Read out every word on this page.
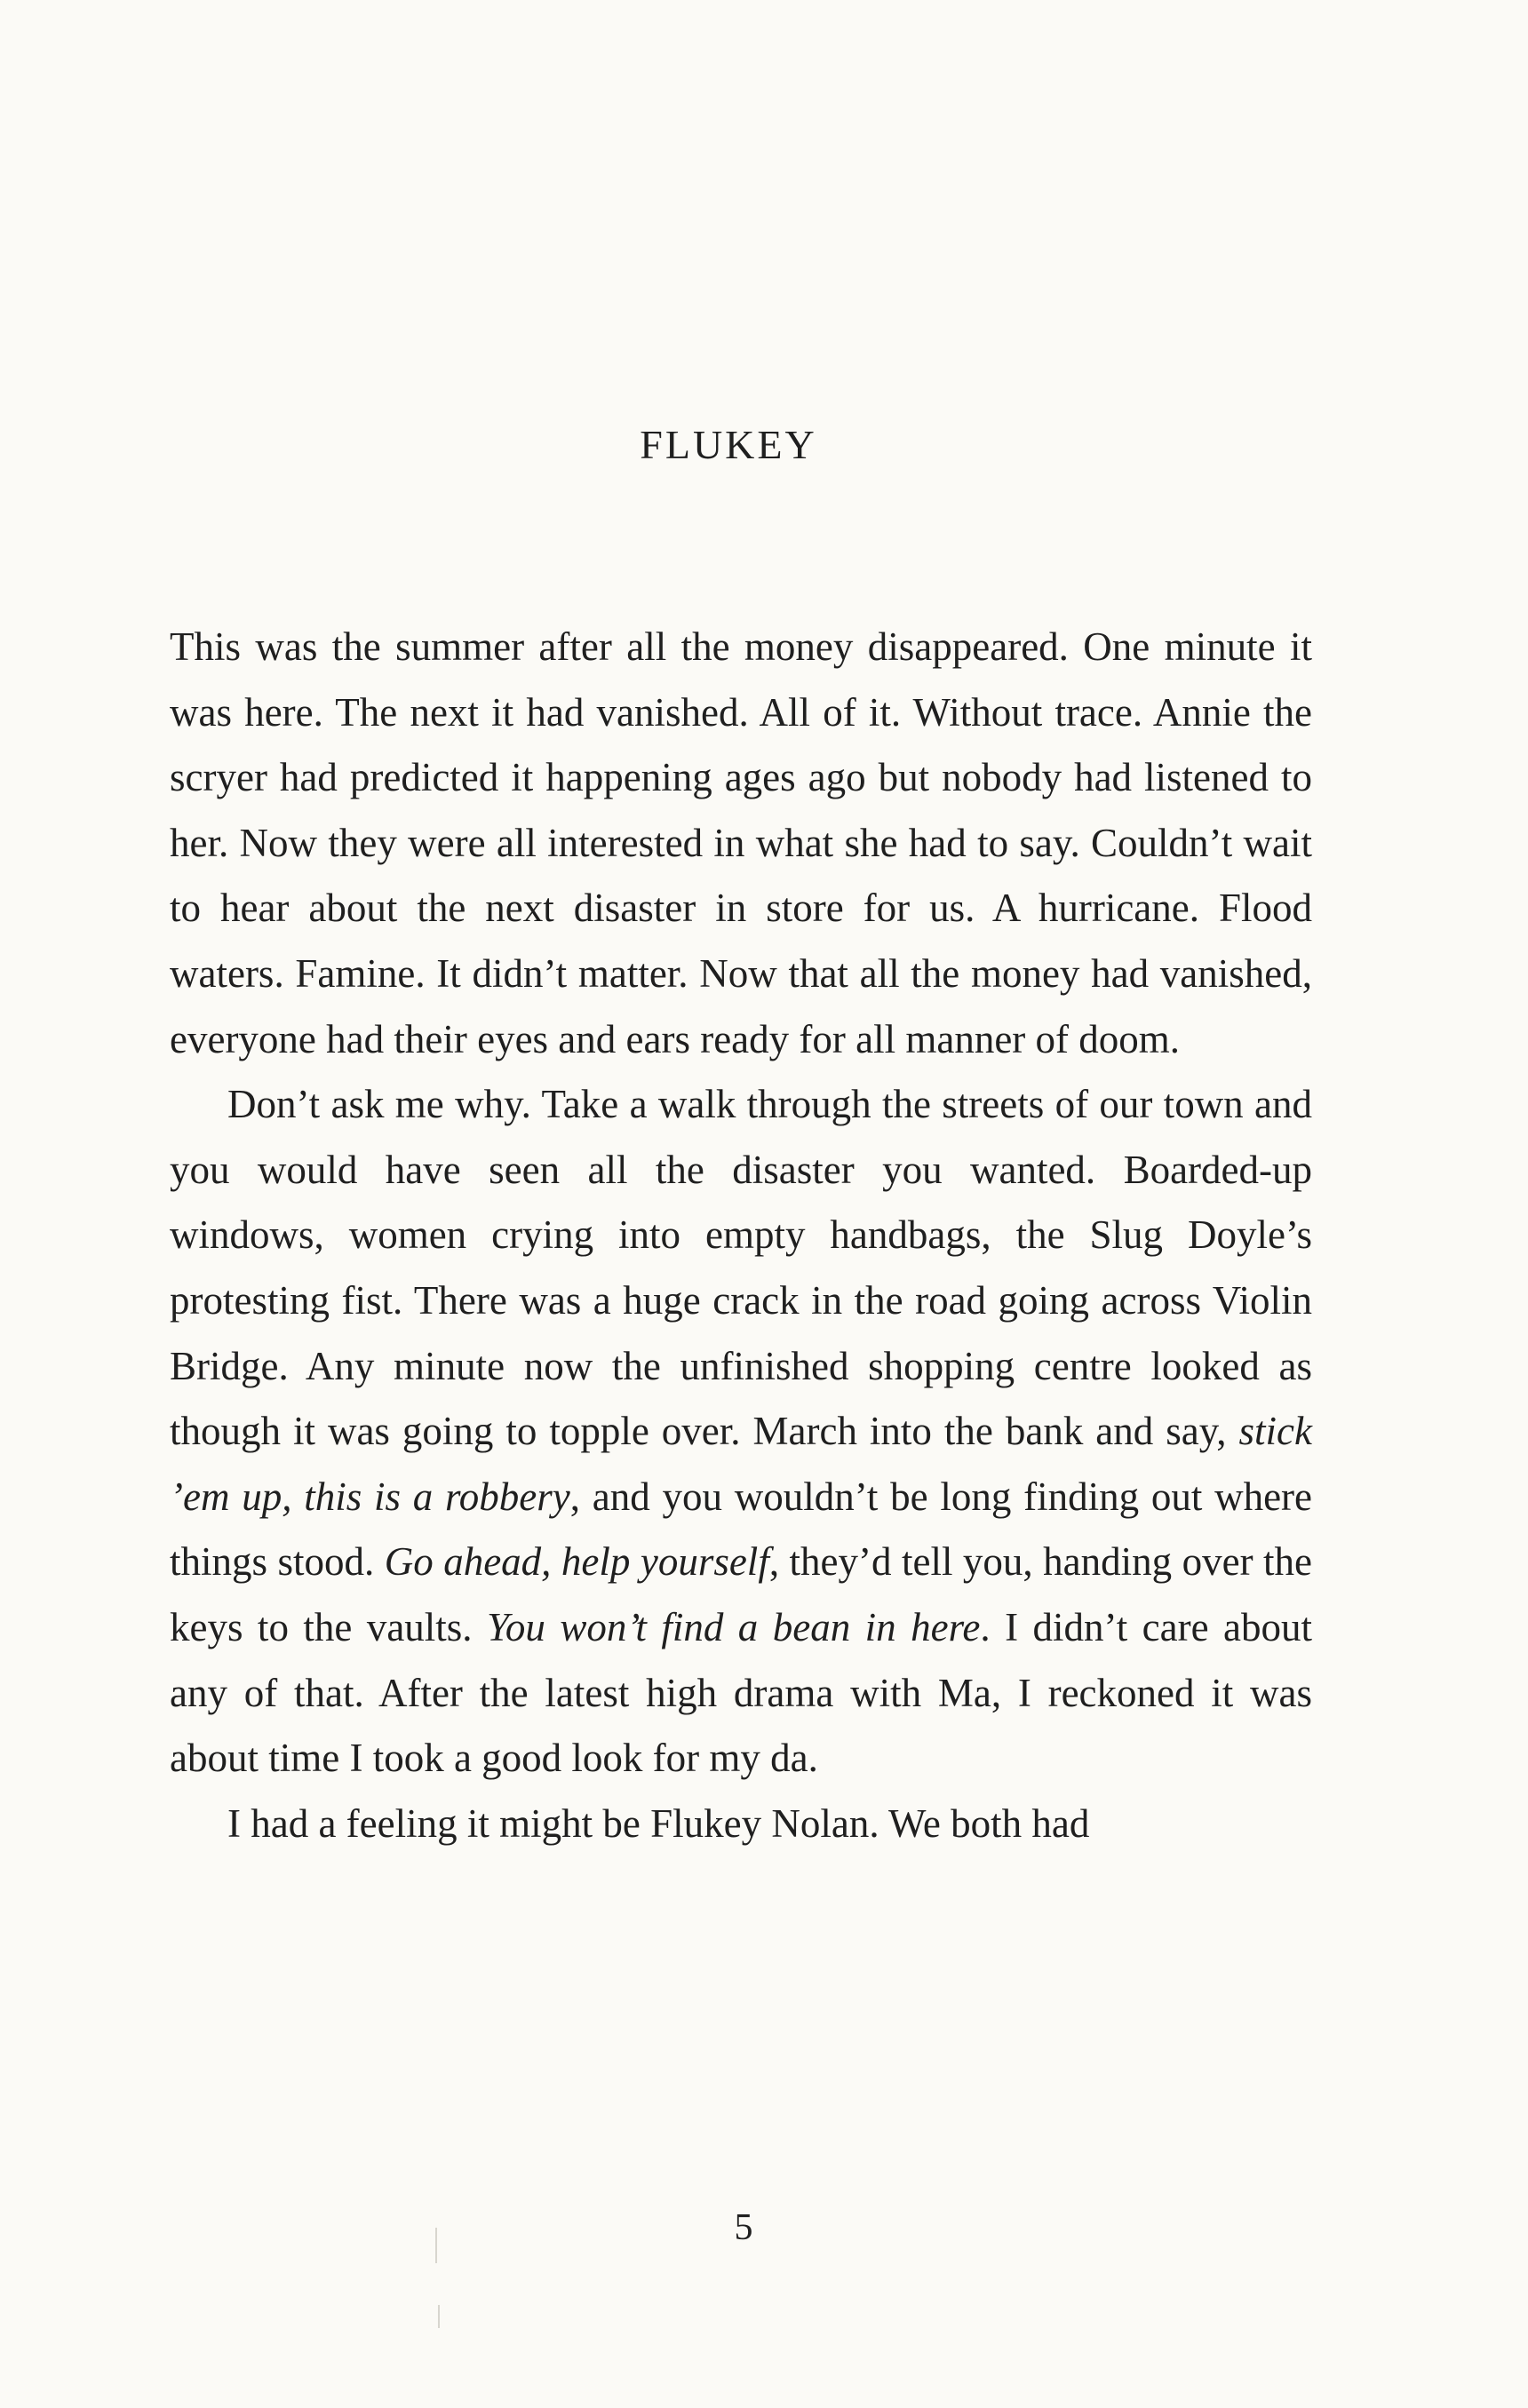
FLUKEY

This was the summer after all the money disappeared. One minute it was here. The next it had vanished. All of it. Without trace. Annie the scryer had predicted it happening ages ago but nobody had listened to her. Now they were all interested in what she had to say. Couldn’t wait to hear about the next disaster in store for us. A hurricane. Flood waters. Famine. It didn’t matter. Now that all the money had vanished, everyone had their eyes and ears ready for all manner of doom.

Don’t ask me why. Take a walk through the streets of our town and you would have seen all the disaster you wanted. Boarded-up windows, women crying into empty handbags, the Slug Doyle’s protesting fist. There was a huge crack in the road going across Violin Bridge. Any minute now the unfinished shopping centre looked as though it was going to topple over. March into the bank and say, stick ’em up, this is a robbery, and you wouldn’t be long finding out where things stood. Go ahead, help yourself, they’d tell you, handing over the keys to the vaults. You won’t find a bean in here. I didn’t care about any of that. After the latest high drama with Ma, I reckoned it was about time I took a good look for my da.

I had a feeling it might be Flukey Nolan. We both had

5
